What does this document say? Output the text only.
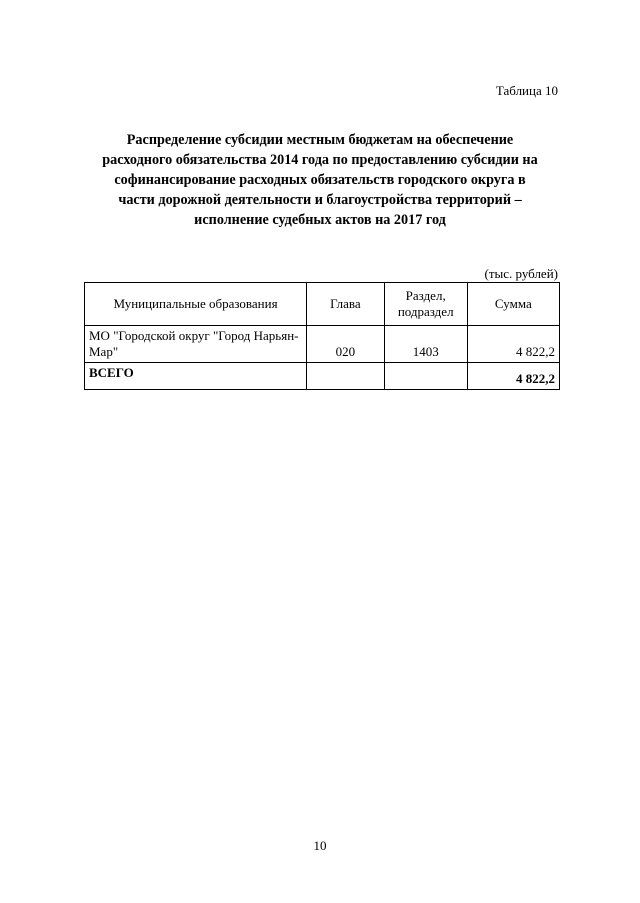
Таблица 10
Распределение субсидии местным бюджетам на обеспечение
расходного обязательства 2014 года по предоставлению субсидии на
софинансирование расходных обязательств городского округа в
части дорожной деятельности и благоустройства территорий –
исполнение судебных актов на 2017 год
(тыс. рублей)
Муниципальные образования	Глава	Раздел, подраздел	Сумма
МО "Городской округ "Город Нарьян-Мар"	020	1403	4 822,2
ВСЕГО			4 822,2
10
